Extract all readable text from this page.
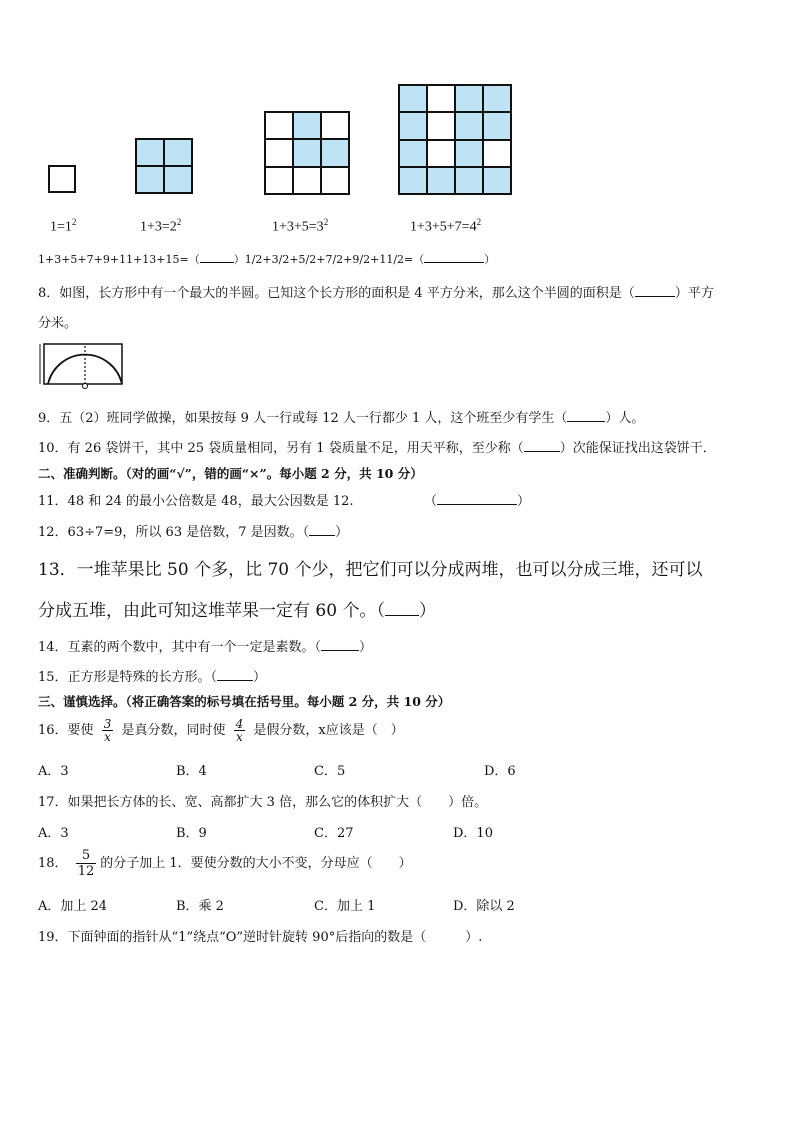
$1=1^2$	$1+3=2^2$	$1+3+5=3^2$	$1+3+5+7=4^2$
1+3+5+7+9+11+13+15=（	）1/2+3/2+5/2+7/2+9/2+11/2=（	）
8．如图，长方形中有一个最大的半圆。已知这个长方形的面积是 4 平方分米，那么这个半圆的面积是（	）平方
分米。
9．五（2）班同学做操，如果按每 9 人一行或每 12 人一行都少 1 人，这个班至少有学生（	）人。
10．有 26 袋饼干，其中 25 袋质量相同，另有 1 袋质量不足，用天平称，至少称（	）次能保证找出这袋饼干．
二、准确判断。（对的画“√”，错的画“×”。每小题 2 分，共 10 分）
11．48 和 24 的最小公倍数是 48，最大公因数是 12.	（	）
12．63÷7=9，所以 63 是倍数，7 是因数。（ ）
13．一堆苹果比 50 个多，比 70 个少，把它们可以分成两堆，也可以分成三堆，还可以
分成五堆，由此可知这堆苹果一定有 60 个。（ ）
14．互素的两个数中，其中有一个一定是素数。（	）
15．正方形是特殊的长方形。（	）
三、谨慎选择。（将正确答案的标号填在括号里。每小题 2 分，共 10 分）
16．要使 $\frac{3}{x}$ 是真分数，同时使 $\frac{4}{x}$ 是假分数，x应该是（　）
A．3	B．4	C．5	D．6
17．如果把长方体的长、宽、高都扩大 3 倍，那么它的体积扩大（　　）倍。
A．3	B．9	C．27	D．10
18． $\frac{5}{12}$ 的分子加上 1．要使分数的大小不变，分母应（　　）
A．加上 24	B．乘 2	C．加上 1	D．除以 2
19．下面钟面的指针从“1”绕点“O”逆时针旋转 90°后指向的数是（　　　）.
